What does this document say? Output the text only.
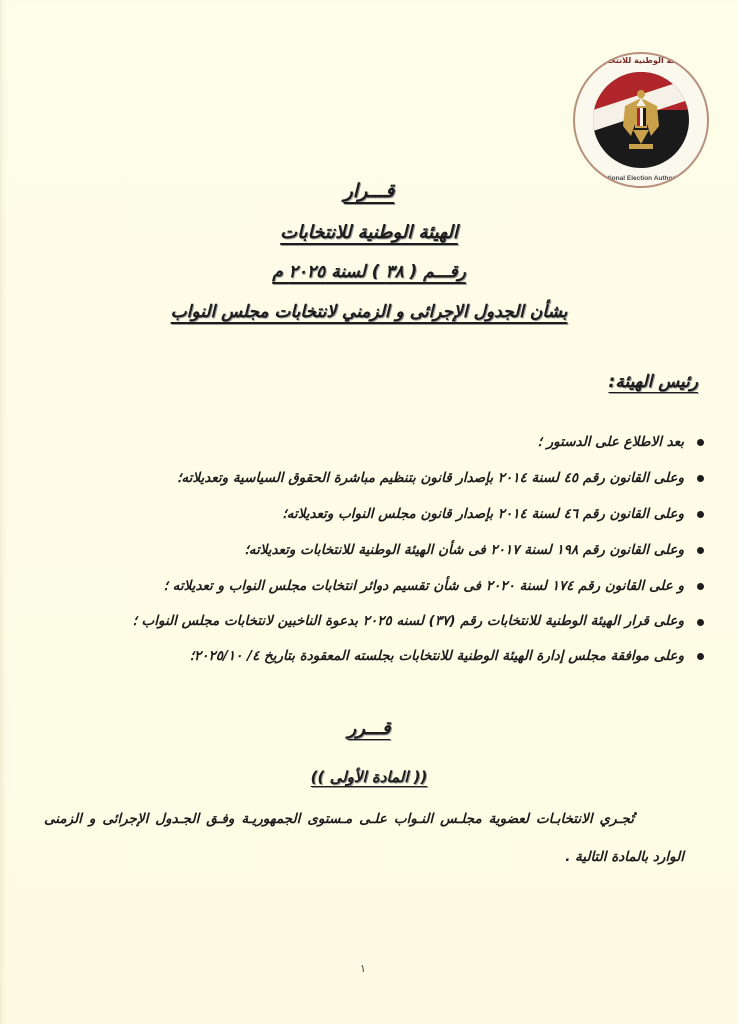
الهيئة الوطنية للانتخابات
National Election Authority
قـــرار
الهيئة الوطنية للانتخابات
رقـــم ( ٣٨ ) لسنة ٢٠٢٥ م
بشأن الجدول الإجرائى و الزمني لانتخابات مجلس النواب
رئيس الهيئة:
بعد الاطلاع على الدستور ؛
وعلى القانون رقم ٤٥ لسنة ٢٠١٤ بإصدار قانون بتنظيم مباشرة الحقوق السياسية وتعديلاته؛
وعلى القانون رقم ٤٦ لسنة ٢٠١٤ بإصدار قانون مجلس النواب وتعديلاته؛
وعلى القانون رقم ١٩٨ لسنة ٢٠١٧ فى شأن الهيئة الوطنية للانتخابات وتعديلاته؛
و على القانون رقم ١٧٤ لسنة ٢٠٢٠ فى شأن تقسيم دوائر انتخابات مجلس النواب و تعديلاته ؛
وعلى قرار الهيئة الوطنية للانتخابات رقم (٣٧) لسنه ٢٠٢٥ بدعوة الناخبين لانتخابات مجلس النواب ؛
وعلى موافقة مجلس إدارة الهيئة الوطنية للانتخابات بجلسته المعقودة بتاريخ ٤/ ٢٠٢٥/١٠؛
قـــرر
(( المادة الأولى ))

تُجـري الانتخابـات لعضوية مجلـس النـواب علـى مـستوى الجمهوريـة وفـق الجـدول الإجرائى و الزمنى الوارد بالمادة التالية .

١
